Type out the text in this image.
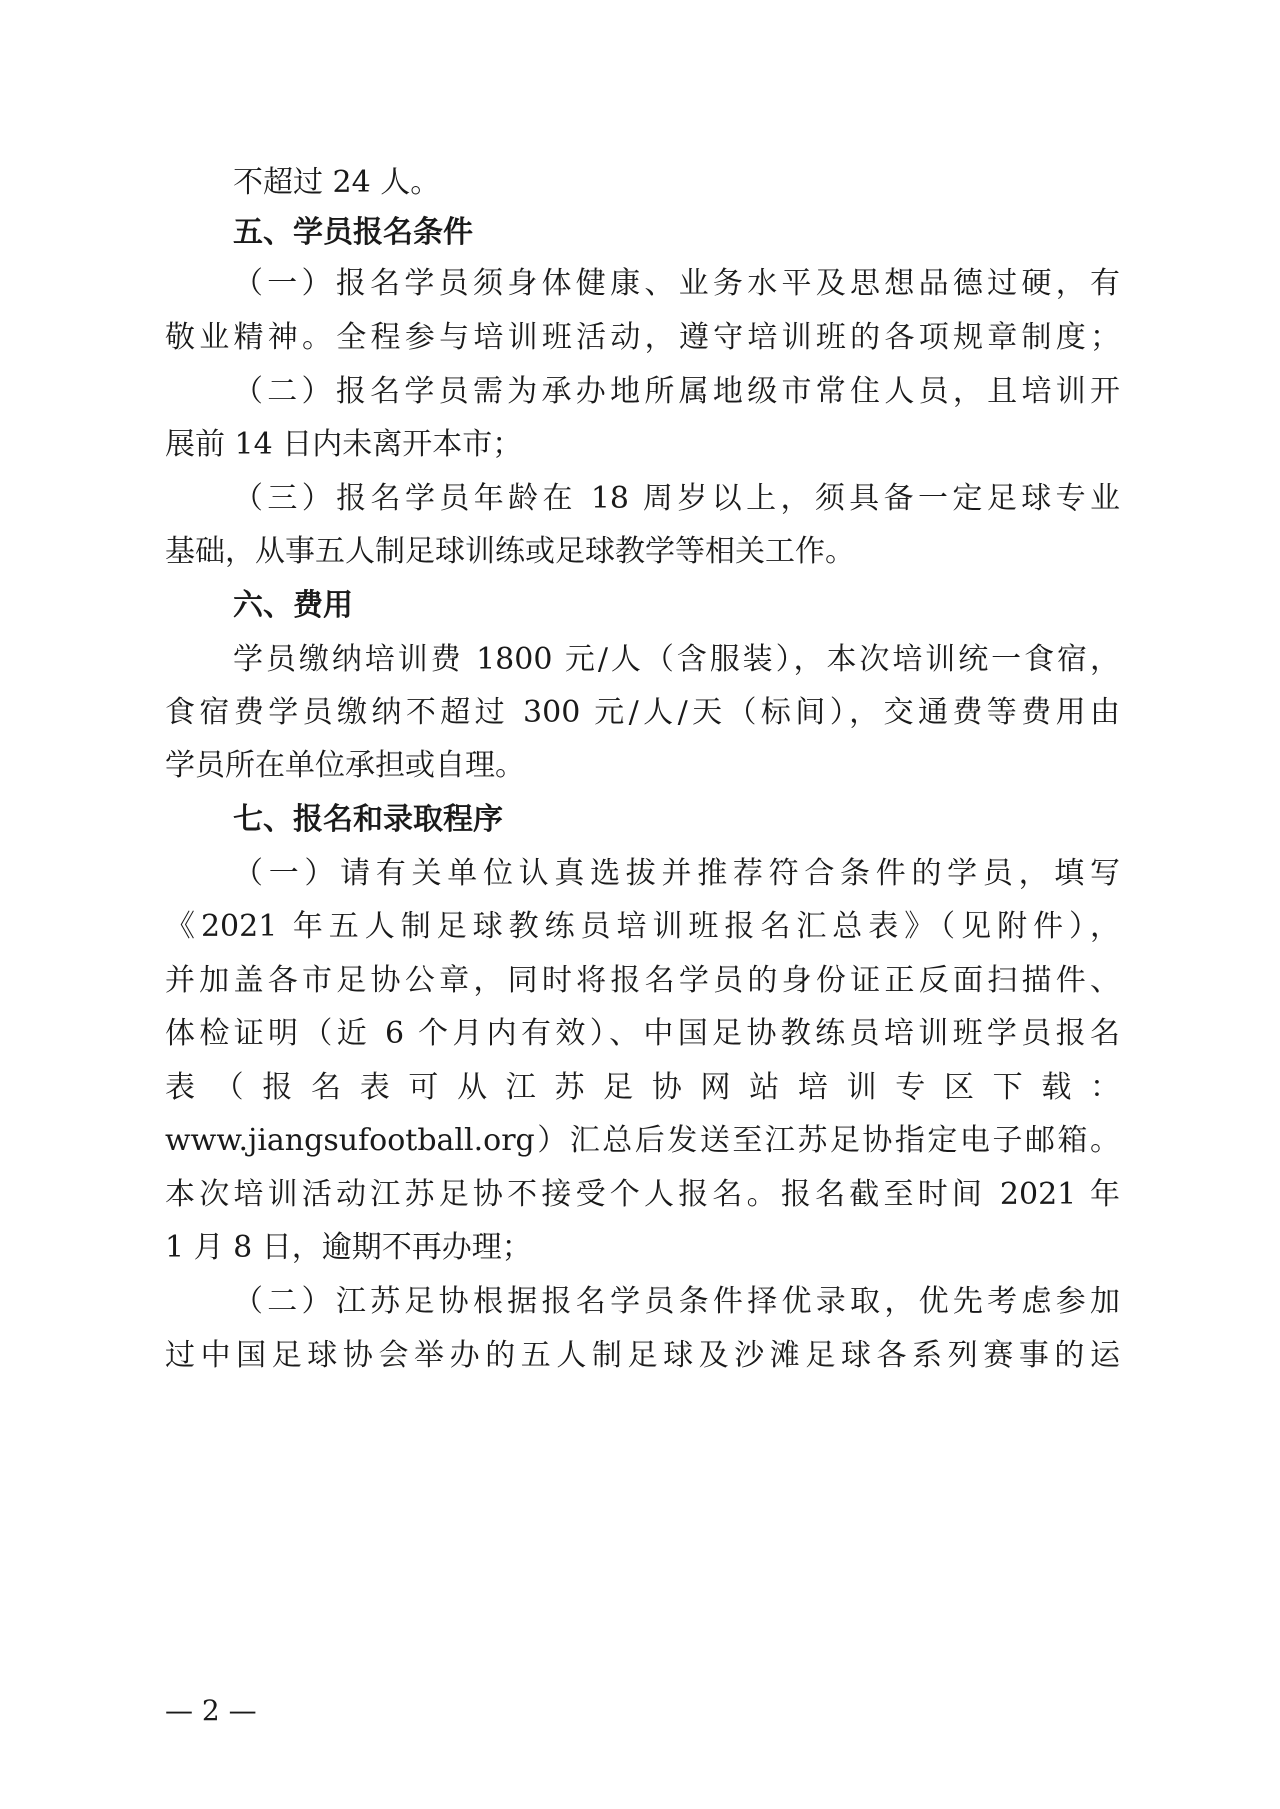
不超过 24 人。
五、学员报名条件
（一）报名学员须身体健康、业务水平及思想品德过硬，有
敬业精神。全程参与培训班活动，遵守培训班的各项规章制度；
（二）报名学员需为承办地所属地级市常住人员，且培训开
展前 14 日内未离开本市；
（三）报名学员年龄在 18 周岁以上，须具备一定足球专业
基础，从事五人制足球训练或足球教学等相关工作。
六、费用
学员缴纳培训费 1800 元/人（含服装），本次培训统一食宿，
食宿费学员缴纳不超过 300 元/人/天（标间），交通费等费用由
学员所在单位承担或自理。
七、报名和录取程序
（一）请有关单位认真选拔并推荐符合条件的学员，填写
《2021 年五人制足球教练员培训班报名汇总表》（见附件），
并加盖各市足协公章，同时将报名学员的身份证正反面扫描件、
体检证明（近 6 个月内有效）、中国足协教练员培训班学员报名
表（报名表可从江苏足协网站培训专区下载：
www.jiangsufootball.org）汇总后发送至江苏足协指定电子邮箱。
本次培训活动江苏足协不接受个人报名。报名截至时间 2021 年
1 月 8 日，逾期不再办理；
（二）江苏足协根据报名学员条件择优录取，优先考虑参加
过中国足球协会举办的五人制足球及沙滩足球各系列赛事的运
— 2 —
